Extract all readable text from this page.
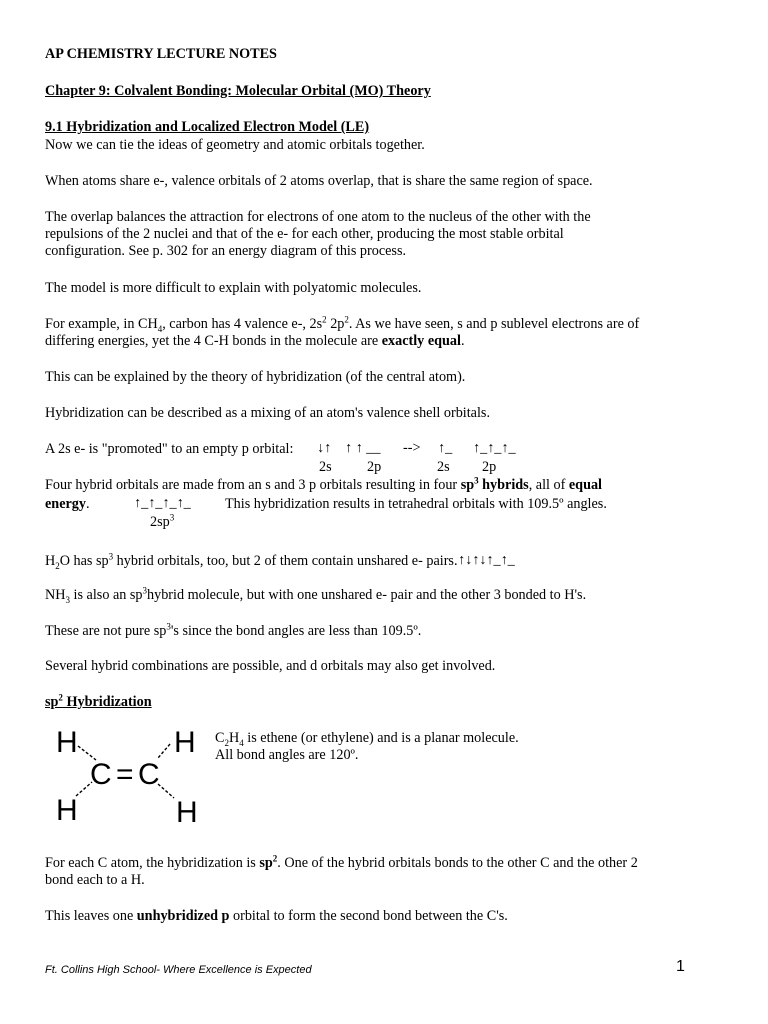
AP CHEMISTRY LECTURE NOTES
Chapter 9: Colvalent Bonding: Molecular Orbital (MO) Theory
9.1 Hybridization and Localized Electron Model (LE)
Now we can tie the ideas of geometry and atomic orbitals together.
When atoms share e-, valence orbitals of 2 atoms overlap, that is share the same region of space.
The overlap balances the attraction for electrons of one atom to the nucleus of the other with the
repulsions of the 2 nuclei and that of the e- for each other, producing the most stable orbital
configuration. See p. 302 for an energy diagram of this process.
The model is more difficult to explain with polyatomic molecules.
For example, in $CH_4$, carbon has 4 valence e-, $2s^2$ $2p^2$. As we have seen, s and p sublevel electrons are of
differing energies, yet the 4 C-H bonds in the molecule are exactly equal.
This can be explained by the theory of hybridization (of the central atom).
Hybridization can be described as a mixing of an atom's valence shell orbitals.
A 2s e- is "promoted" to an empty p orbital: ↓↑ ↑ ↑ __ --> ↑_ ↑_↑_↑_
2s 2p	2s 2p
Four hybrid orbitals are made from an s and 3 p orbitals resulting in four $sp^3$ hybrids, all of equal
energy.	↑_↑_↑_↑_ This hybridization results in tetrahedral orbitals with 109.5º angles.
$2sp^3$
$H_2O$ has $sp^3$ hybrid orbitals, too, but 2 of them contain unshared e- pairs. ↑↓↑↓↑_↑_
$NH_3$ is also an $sp^3hybrid$ molecule, but with one unshared e- pair and the other 3 bonded to H's.
These are not pure $sp^3's$ since the bond angles are less than 109.5º.
Several hybrid combinations are possible, and d orbitals may also get involved.
$sp^2$ Hybridization
$C_2H_4$ is ethene (or ethylene) and is a planar molecule.
All bond angles are 120º.
For each C atom, the hybridization is $sp^2$. One of the hybrid orbitals bonds to the other C and the other 2
bond each to a H.
This leaves one unhybridized p orbital to form the second bond between the C's.
H	H
C = C
H	H
Ft. Collins High School- Where Excellence is Expected	1
